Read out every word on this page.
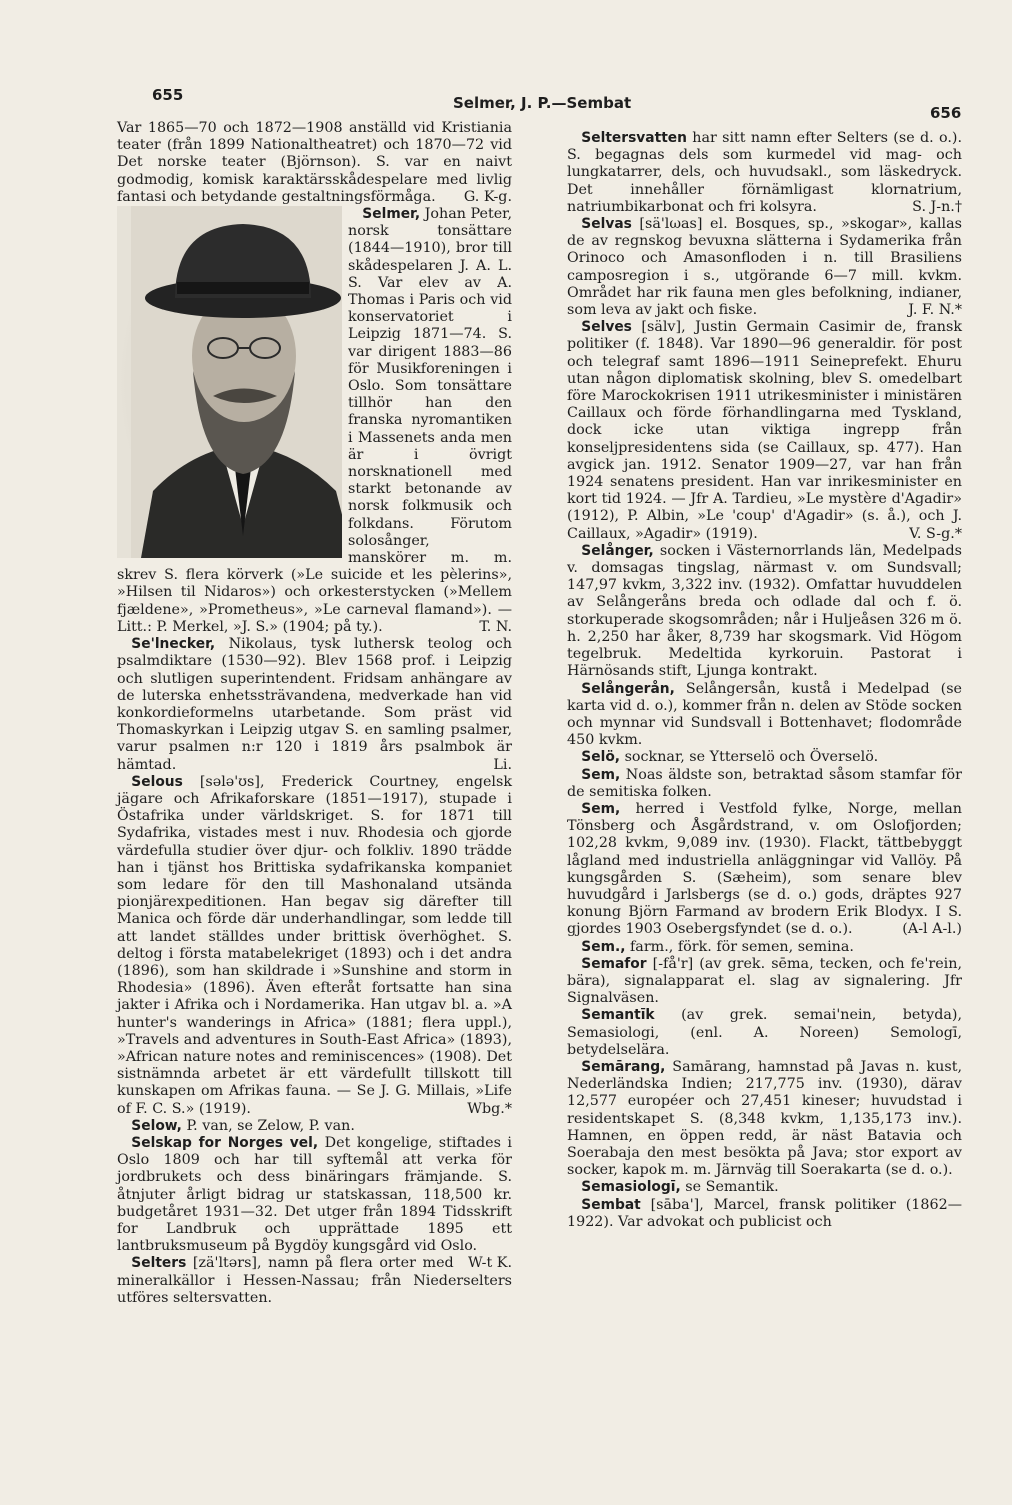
655	Selmer, J. P.—Sembat
656

Var 1865—70 och 1872—1908 anställd vid Kristiania teater (från 1899 Nationaltheatret) och 1870—72 vid Det norske teater (Björnson). S. var en naivt godmodig, komisk karaktärsskådespelare med livlig fantasi och betydande gestaltningsförmåga. G. K-g.

Selmer, Johan Peter, norsk tonsättare (1844—1910), bror till skådespelaren J. A. L. S. Var elev av A. Thomas i Paris och vid konservatoriet i Leipzig 1871—74. S. var dirigent 1883—86 för Musikforeningen i Oslo. Som tonsättare tillhör han den franska nyromantiken i Massenets anda men är i övrigt norsknationell med starkt betonande av norsk folkmusik och folkdans. Förutom solosånger, manskörer m. m. skrev S. flera körverk (»Le suicide et les pèlerins», »Hilsen til Nidaros») och orkesterstycken (»Mellem fjældene», »Prometheus», »Le carneval flamand»). — Litt.: P. Merkel, »J. S.» (1904; på ty.).	T. N.

Se'lnecker, Nikolaus, tysk luthersk teolog och psalmdiktare (1530—92). Blev 1568 prof. i Leipzig och slutligen superintendent. Fridsam anhängare av de luterska enhetssträvandena, medverkade han vid konkordieformelns utarbetande. Som präst vid Thomaskyrkan i Leipzig utgav S. en samling psalmer, varur psalmen n:r 120 i 1819 års psalmbok är hämtad.	Li.

Selous [sələ'ʊs], Frederick Courtney, engelsk jägare och Afrikaforskare (1851—1917), stupade i Östafrika under världskriget. S. for 1871 till Sydafrika, vistades mest i nuv. Rhodesia och gjorde värdefulla studier över djur- och folkliv. 1890 trädde han i tjänst hos Brittiska sydafrikanska kompaniet som ledare för den till Mashonaland utsända pionjärexpeditionen. Han begav sig därefter till Manica och förde där underhandlingar, som ledde till att landet ställdes under brittisk överhöghet. S. deltog i första matabelekriget (1893) och i det andra (1896), som han skildrade i »Sunshine and storm in Rhodesia» (1896). Även efteråt fortsatte han sina jakter i Afrika och i Nordamerika. Han utgav bl. a. »A hunter's wanderings in Africa» (1881; flera uppl.), »Travels and adventures in South-East Africa» (1893), »African nature notes and reminiscences» (1908). Det sistnämnda arbetet är ett värdefullt tillskott till kunskapen om Afrikas fauna. — Se J. G. Millais, »Life of F. C. S.» (1919).	Wbg.*

Selow, P. van, se Zelow, P. van.

Selskap for Norges vel, Det kongelige, stiftades i Oslo 1809 och har till syftemål att verka för jordbrukets och dess binäringars främjande. S. åtnjuter årligt bidrag ur statskassan, 118,500 kr. budgetåret 1931—32. Det utger från 1894 Tidsskrift for Landbruk och upprättade 1895 ett lantbruksmuseum på Bygdöy kungsgård vid Oslo.
W-t K.

Selters [zä'ltərs], namn på flera orter med mineralkällor i Hessen-Nassau; från Niederselters utföres seltersvatten.

Seltersvatten har sitt namn efter Selters (se d. o.). S. begagnas dels som kurmedel vid mag- och lungkatarrer, dels, och huvudsakl., som läskedryck. Det innehåller förnämligast klornatrium, natriumbikarbonat och fri kolsyra.	S. J-n.†

Selvas [sä'lωas] el. Bosques, sp., »skogar», kallas de av regnskog bevuxna slätterna i Sydamerika från Orinoco och Amasonfloden i n. till Brasiliens camposregion i s., utgörande 6—7 mill. kvkm. Området har rik fauna men gles befolkning, indianer, som leva av jakt och fiske.	J. F. N.*

Selves [sälv], Justin Germain Casimir de, fransk politiker (f. 1848). Var 1890—96 generaldir. för post och telegraf samt 1896—1911 Seineprefekt. Ehuru utan någon diplomatisk skolning, blev S. omedelbart före Marockokrisen 1911 utrikesminister i ministären Caillaux och förde förhandlingarna med Tyskland, dock icke utan viktiga ingrepp från konseljpresidentens sida (se Caillaux, sp. 477). Han avgick jan. 1912. Senator 1909—27, var han från 1924 senatens president. Han var inrikesminister en kort tid 1924. — Jfr A. Tardieu, »Le mystère d'Agadir» (1912), P. Albin, »Le 'coup' d'Agadir» (s. å.), och J. Caillaux, »Agadir» (1919).	V. S-g.*

Selånger, socken i Västernorrlands län, Medelpads v. domsagas tingslag, närmast v. om Sundsvall; 147,97 kvkm, 3,322 inv. (1932). Omfattar huvuddelen av Selångeråns breda och odlade dal och f. ö. storkuperade skogsområden; når i Huljeåsen 326 m ö. h. 2,250 har åker, 8,739 har skogsmark. Vid Högom tegelbruk. Medeltida kyrkoruin. Pastorat i Härnösands stift, Ljunga kontrakt.

Selångerån, Selångersån, kustå i Medelpad (se karta vid d. o.), kommer från n. delen av Stöde socken och mynnar vid Sundsvall i Bottenhavet; flodområde 450 kvkm.

Selö, socknar, se Ytterselö och Överselö.

Sem, Noas äldste son, betraktad såsom stamfar för de semitiska folken.

Sem, herred i Vestfold fylke, Norge, mellan Tönsberg och Åsgårdstrand, v. om Oslofjorden; 102,28 kvkm, 9,089 inv. (1930). Flackt, tättbebyggt lågland med industriella anläggningar vid Vallöy. På kungsgården S. (Sæheim), som senare blev huvudgård i Jarlsbergs (se d. o.) gods, dräptes 927 konung Björn Farmand av brodern Erik Blodyx. I S. gjordes 1903 Osebergsfyndet (se d. o.).	(A-l A-l.)

Sem., farm., förk. för semen, semina.

Semafor [-få'r] (av grek. sēma, tecken, och fe'rein, bära), signalapparat el. slag av signalering. Jfr Signalväsen.

Semantīk (av grek. semai'nein, betyda), Semasiologi, (enl. A. Noreen) Semologī, betydelselära.

Semārang, Samārang, hamnstad på Javas n. kust, Nederländska Indien; 217,775 inv. (1930), därav 12,577 européer och 27,451 kineser; huvudstad i residentskapet S. (8,348 kvkm, 1,135,173 inv.). Hamnen, en öppen redd, är näst Batavia och Soerabaja den mest besökta på Java; stor export av socker, kapok m. m. Järnväg till Soerakarta (se d. o.).

Semasiologī, se Semantik.

Sembat [sāba'], Marcel, fransk politiker (1862—1922). Var advokat och publicist och
